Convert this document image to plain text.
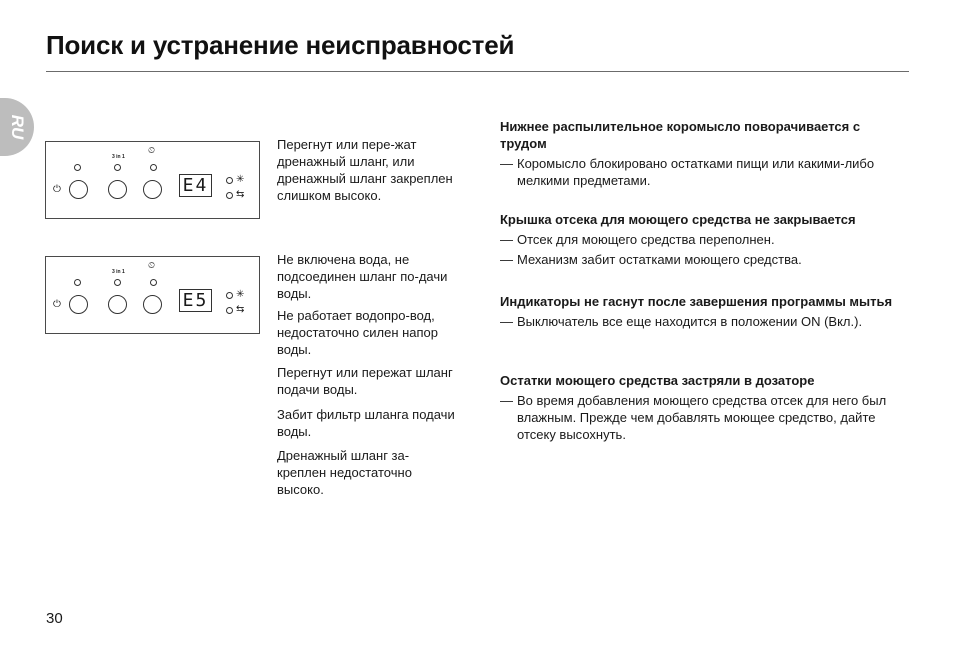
Поиск и устранение неисправностей
RU
3 in 1
⏲
⏻	E4	✳
⇆
Перегнут или пере-жат дренажный шланг, или дренажный шланг закреплен слишком высоко.
3 in 1
⏲
⏻	E5	✳
⇆
Не включена вода, не подсоединен шланг по-дачи воды.
Не работает водопро-вод, недостаточно силен напор воды.
Перегнут или пережат шланг подачи воды.
Забит фильтр шланга подачи воды.
Дренажный шланг за-креплен недостаточно высоко.

Нижнее распылительное коромысло поворачивается с трудом

— Коромысло блокировано остатками пищи или какими-либо мелкими предметами.

Крышка отсека для моющего средства не закрывается

— Отсек для моющего средства переполнен.

— Механизм забит остатками моющего средства.

Индикаторы не гаснут после завершения программы мытья

— Выключатель все еще находится в положении ON (Вкл.).

Остатки моющего средства застряли в дозаторе

— Во время добавления моющего средства отсек для него был влажным. Прежде чем добавлять моющее средство, дайте отсеку высохнуть.

30
